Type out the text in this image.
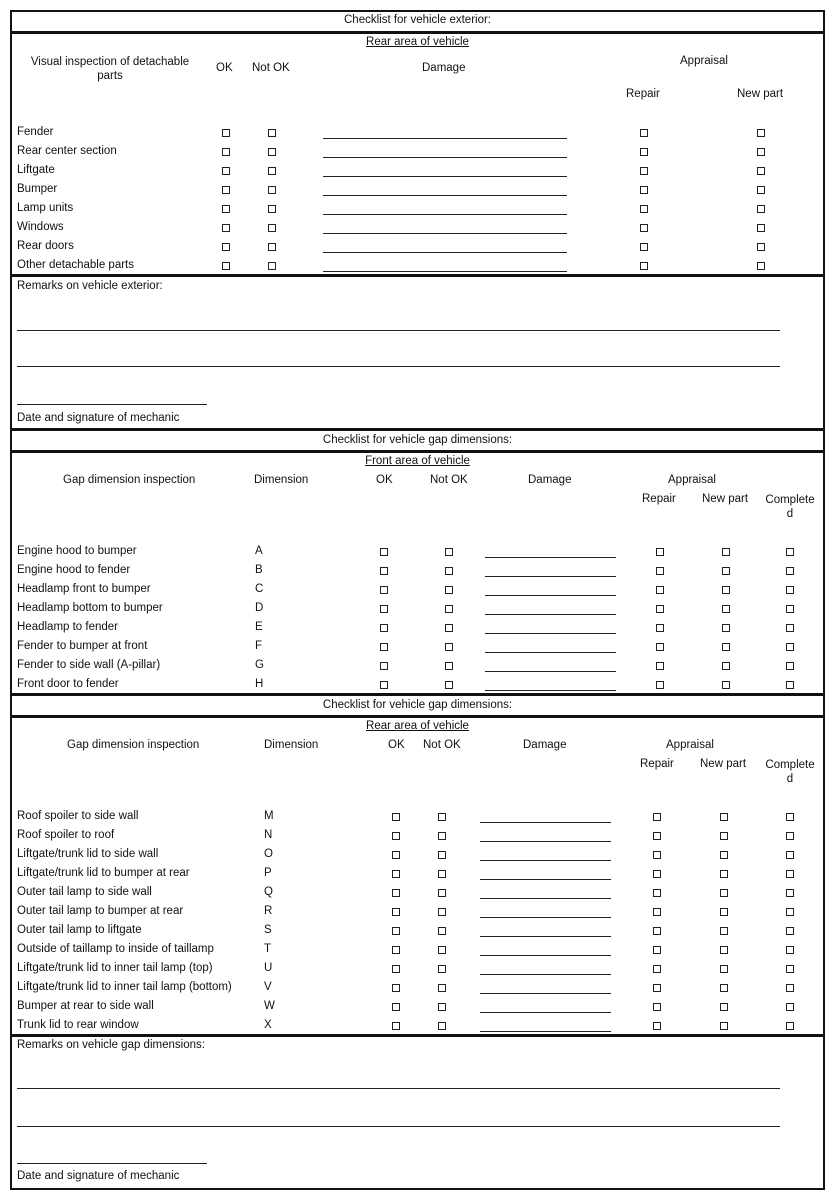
Checklist for vehicle exterior:
Rear area of vehicle
Visual inspection of detachable parts
OK Not OK	Damage
Appraisal
Repair	New part
Fender
Rear center section
Liftgate
Bumper
Lamp units
Windows
Rear doors
Other detachable parts
Remarks on vehicle exterior:
Date and signature of mechanic
Checklist for vehicle gap dimensions:
Front area of vehicle
Gap dimension inspection	Dimension	OK	Not OK	Damage	Appraisal
Repair New part Complete d
Engine hood to bumper	A
Engine hood to fender	B
Headlamp front to bumper	C
Headlamp bottom to bumper	D
Headlamp to fender	E
Fender to bumper at front	F
Fender to side wall (A-pillar)	G
Front door to fender	H
Checklist for vehicle gap dimensions:
Rear area of vehicle
Gap dimension inspection	Dimension	OK Not OK	Damage	Appraisal
Repair New part Complete d
Roof spoiler to side wall	M
Roof spoiler to roof	N
Liftgate/trunk lid to side wall	O
Liftgate/trunk lid to bumper at rear	P
Outer tail lamp to side wall	Q
Outer tail lamp to bumper at rear	R
Outer tail lamp to liftgate	S
Outside of taillamp to inside of taillamp	T
Liftgate/trunk lid to inner tail lamp (top)	U
Liftgate/trunk lid to inner tail lamp (bottom)	V
Bumper at rear to side wall	W
Trunk lid to rear window	X
Remarks on vehicle gap dimensions:
Date and signature of mechanic
